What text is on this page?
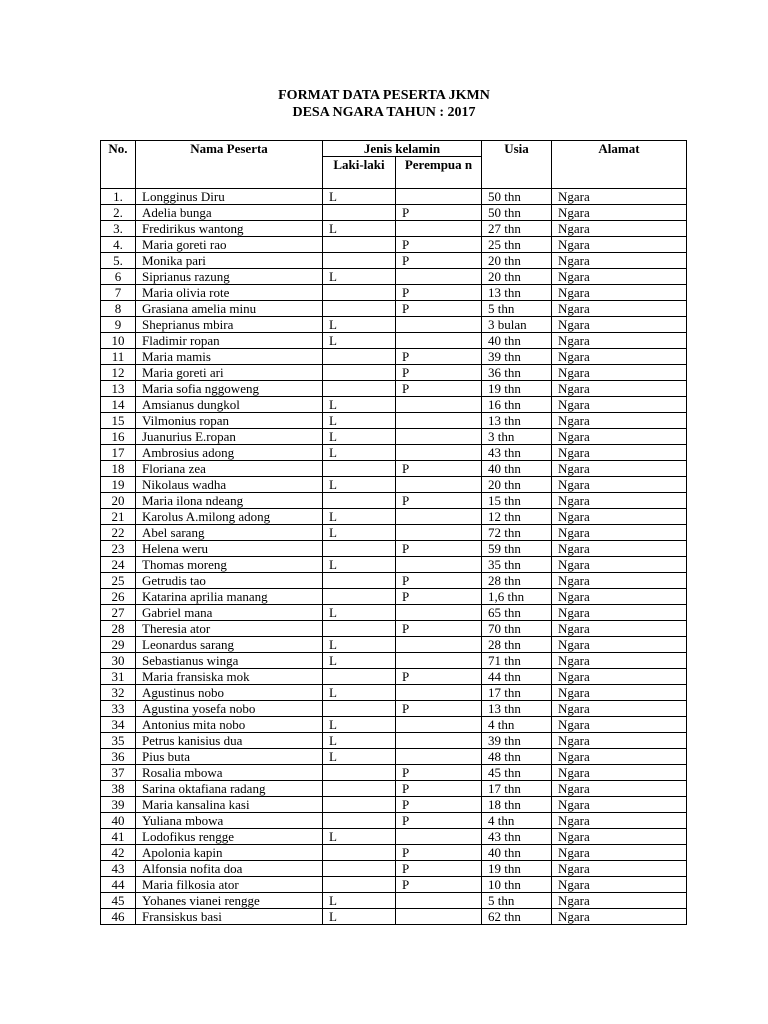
FORMAT DATA PESERTA JKMN
DESA NGARA TAHUN : 2017
No.	Nama Peserta	Jenis kelamin		Usia	Alamat
		Laki-laki	Perempua n		
1.	Longginus Diru	L		50 thn	Ngara
2.	Adelia bunga		P	50 thn	Ngara
3.	Fredirikus wantong	L		27 thn	Ngara
4.	Maria goreti rao		P	25 thn	Ngara
5.	Monika pari		P	20 thn	Ngara
6	Siprianus razung	L		20 thn	Ngara
7	Maria olivia rote		P	13 thn	Ngara
8	Grasiana amelia minu		P	5 thn	Ngara
9	Sheprianus mbira	L		3 bulan	Ngara
10	Fladimir ropan	L		40 thn	Ngara
11	Maria mamis		P	39 thn	Ngara
12	Maria goreti ari		P	36 thn	Ngara
13	Maria sofia nggoweng		P	19 thn	Ngara
14	Amsianus dungkol	L		16 thn	Ngara
15	Vilmonius ropan	L		13 thn	Ngara
16	Juanurius E.ropan	L		3 thn	Ngara
17	Ambrosius adong	L		43 thn	Ngara
18	Floriana zea		P	40 thn	Ngara
19	Nikolaus wadha	L		20 thn	Ngara
20	Maria ilona ndeang		P	15 thn	Ngara
21	Karolus A.milong adong	L		12 thn	Ngara
22	Abel sarang	L		72 thn	Ngara
23	Helena weru		P	59 thn	Ngara
24	Thomas moreng	L		35 thn	Ngara
25	Getrudis tao		P	28 thn	Ngara
26	Katarina aprilia manang		P	1,6 thn	Ngara
27	Gabriel mana	L		65 thn	Ngara
28	Theresia ator		P	70 thn	Ngara
29	Leonardus sarang	L		28 thn	Ngara
30	Sebastianus winga	L		71 thn	Ngara
31	Maria fransiska mok		P	44 thn	Ngara
32	Agustinus nobo	L		17 thn	Ngara
33	Agustina yosefa nobo		P	13 thn	Ngara
34	Antonius mita nobo	L		4 thn	Ngara
35	Petrus kanisius dua	L		39 thn	Ngara
36	Pius buta	L		48 thn	Ngara
37	Rosalia mbowa		P	45 thn	Ngara
38	Sarina oktafiana radang		P	17 thn	Ngara
39	Maria kansalina kasi		P	18 thn	Ngara
40	Yuliana mbowa		P	4 thn	Ngara
41	Lodofikus rengge	L		43 thn	Ngara
42	Apolonia kapin		P	40 thn	Ngara
43	Alfonsia nofita doa		P	19 thn	Ngara
44	Maria filkosia ator		P	10 thn	Ngara
45	Yohanes vianei rengge	L		5 thn	Ngara
46	Fransiskus basi	L		62 thn	Ngara
